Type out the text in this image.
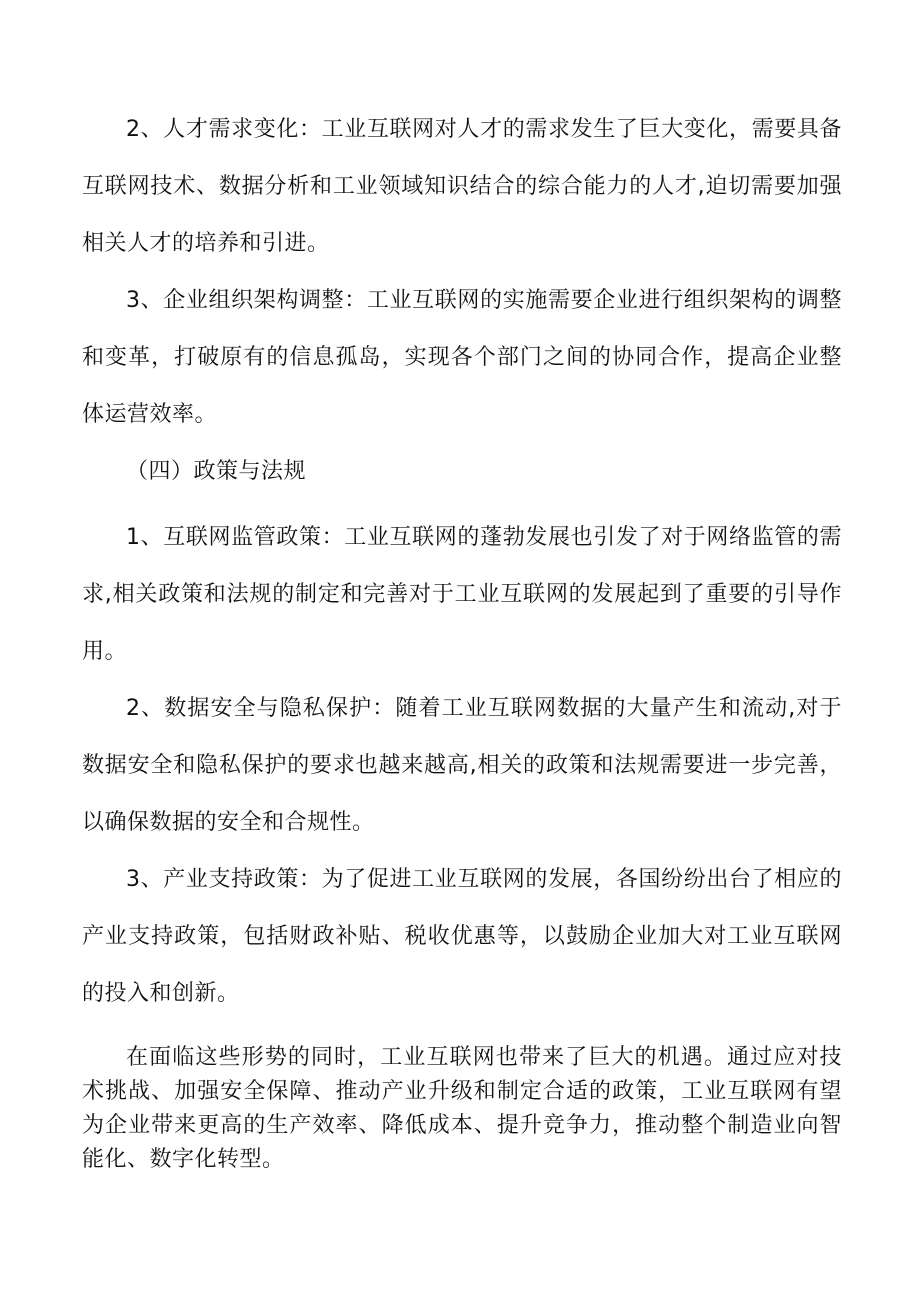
2、人才需求变化：工业互联网对人才的需求发生了巨大变化，需要具备互联网技术、数据分析和工业领域知识结合的综合能力的人才,迫切需要加强相关人才的培养和引进。

3、企业组织架构调整：工业互联网的实施需要企业进行组织架构的调整和变革，打破原有的信息孤岛，实现各个部门之间的协同合作，提高企业整体运营效率。

（四）政策与法规

1、互联网监管政策：工业互联网的蓬勃发展也引发了对于网络监管的需求,相关政策和法规的制定和完善对于工业互联网的发展起到了重要的引导作用。

2、数据安全与隐私保护：随着工业互联网数据的大量产生和流动,对于数据安全和隐私保护的要求也越来越高,相关的政策和法规需要进一步完善，以确保数据的安全和合规性。

3、产业支持政策：为了促进工业互联网的发展，各国纷纷出台了相应的产业支持政策，包括财政补贴、税收优惠等，以鼓励企业加大对工业互联网的投入和创新。

在面临这些形势的同时，工业互联网也带来了巨大的机遇。通过应对技术挑战、加强安全保障、推动产业升级和制定合适的政策，工业互联网有望为企业带来更高的生产效率、降低成本、提升竞争力，推动整个制造业向智能化、数字化转型。
